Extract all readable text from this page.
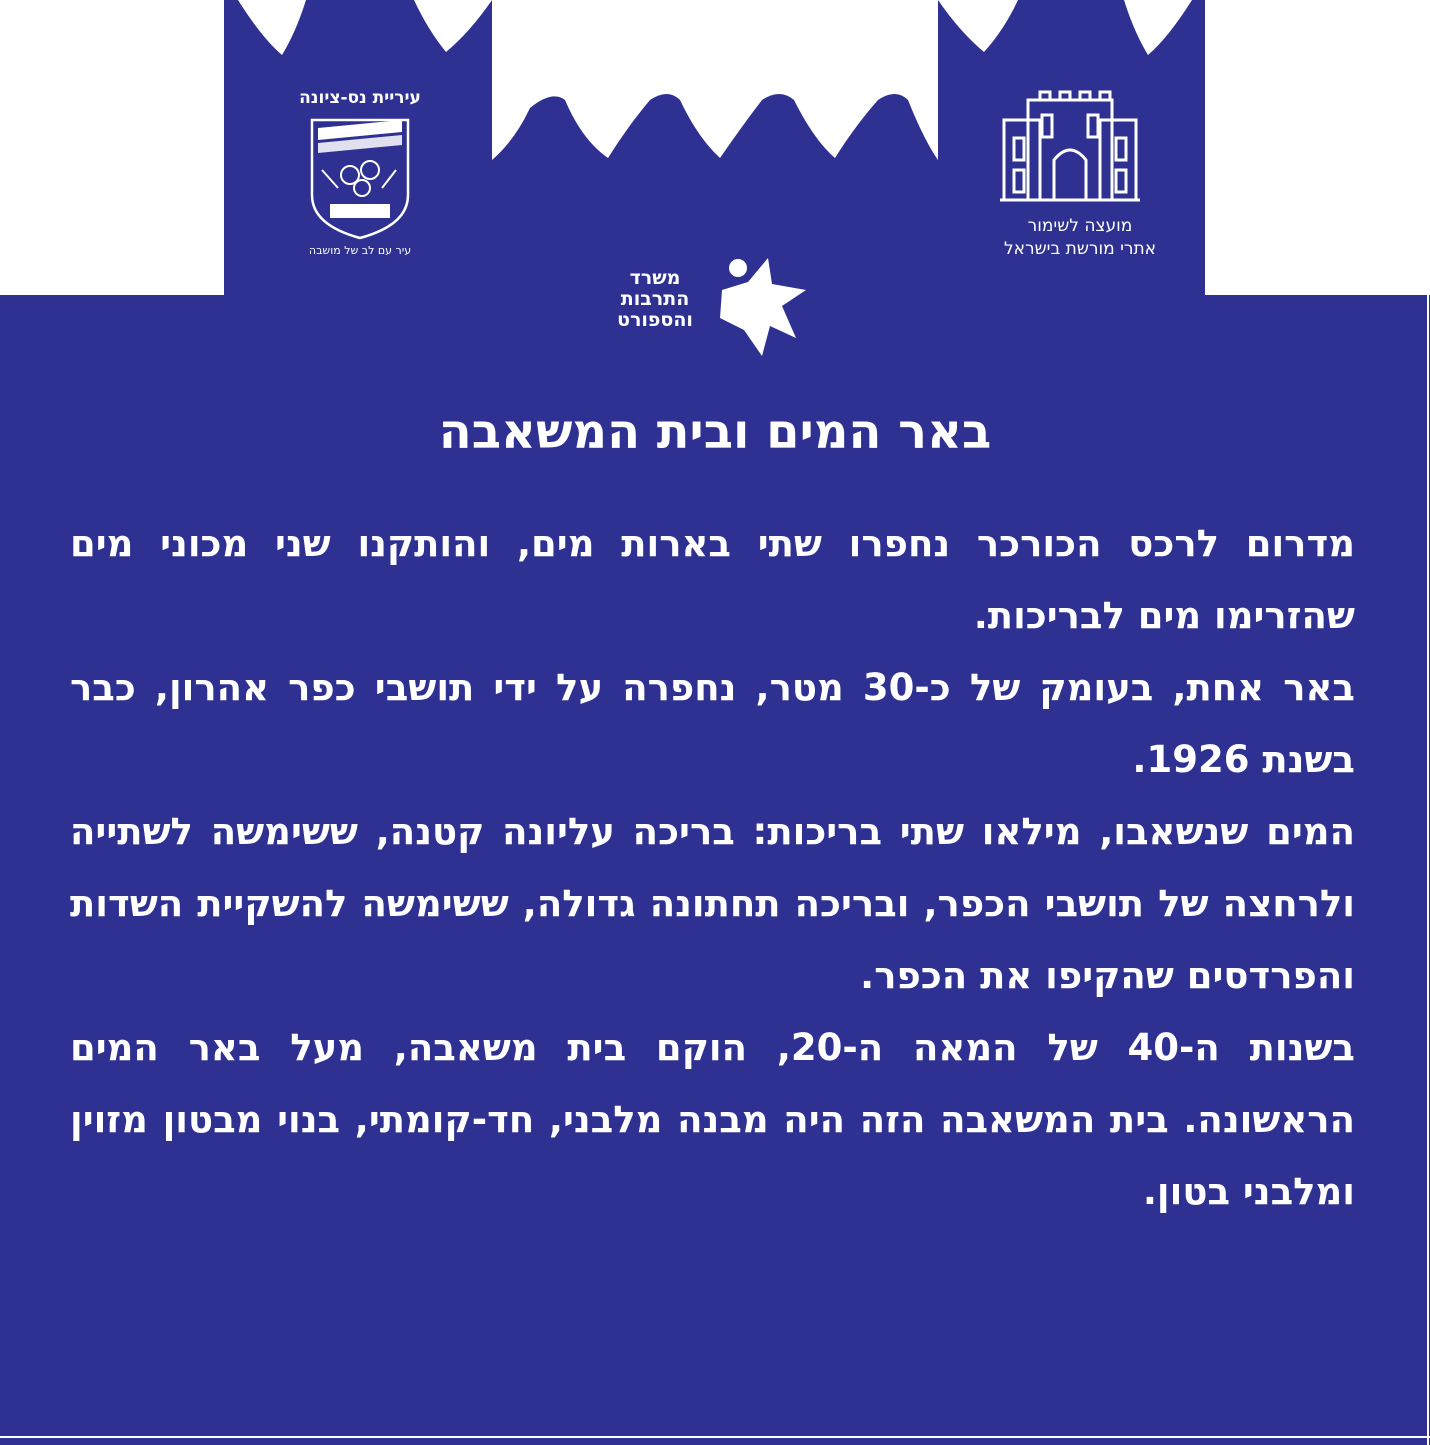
עיריית נס-ציונה
עיר עם לב של מושבה
מועצה לשימור
אתרי מורשת בישראל
משרד התרבות והספורט
באר המים ובית המשאבה

מדרום לרכס הכורכר נחפרו שתי בארות מים, והותקנו שני מכוני מים שהזרימו מים לבריכות.

באר אחת, בעומק של כ-30 מטר, נחפרה על ידי תושבי כפר אהרון, כבר בשנת 1926.

המים שנשאבו, מילאו שתי בריכות: בריכה עליונה קטנה, ששימשה לשתייה ולרחצה של תושבי הכפר, ובריכה תחתונה גדולה, ששימשה להשקיית השדות והפרדסים שהקיפו את הכפר.

בשנות ה-40 של המאה ה-20, הוקם בית משאבה, מעל באר המים הראשונה. בית המשאבה הזה היה מבנה מלבני, חד-קומתי, בנוי מבטון מזוין ומלבני בטון.
